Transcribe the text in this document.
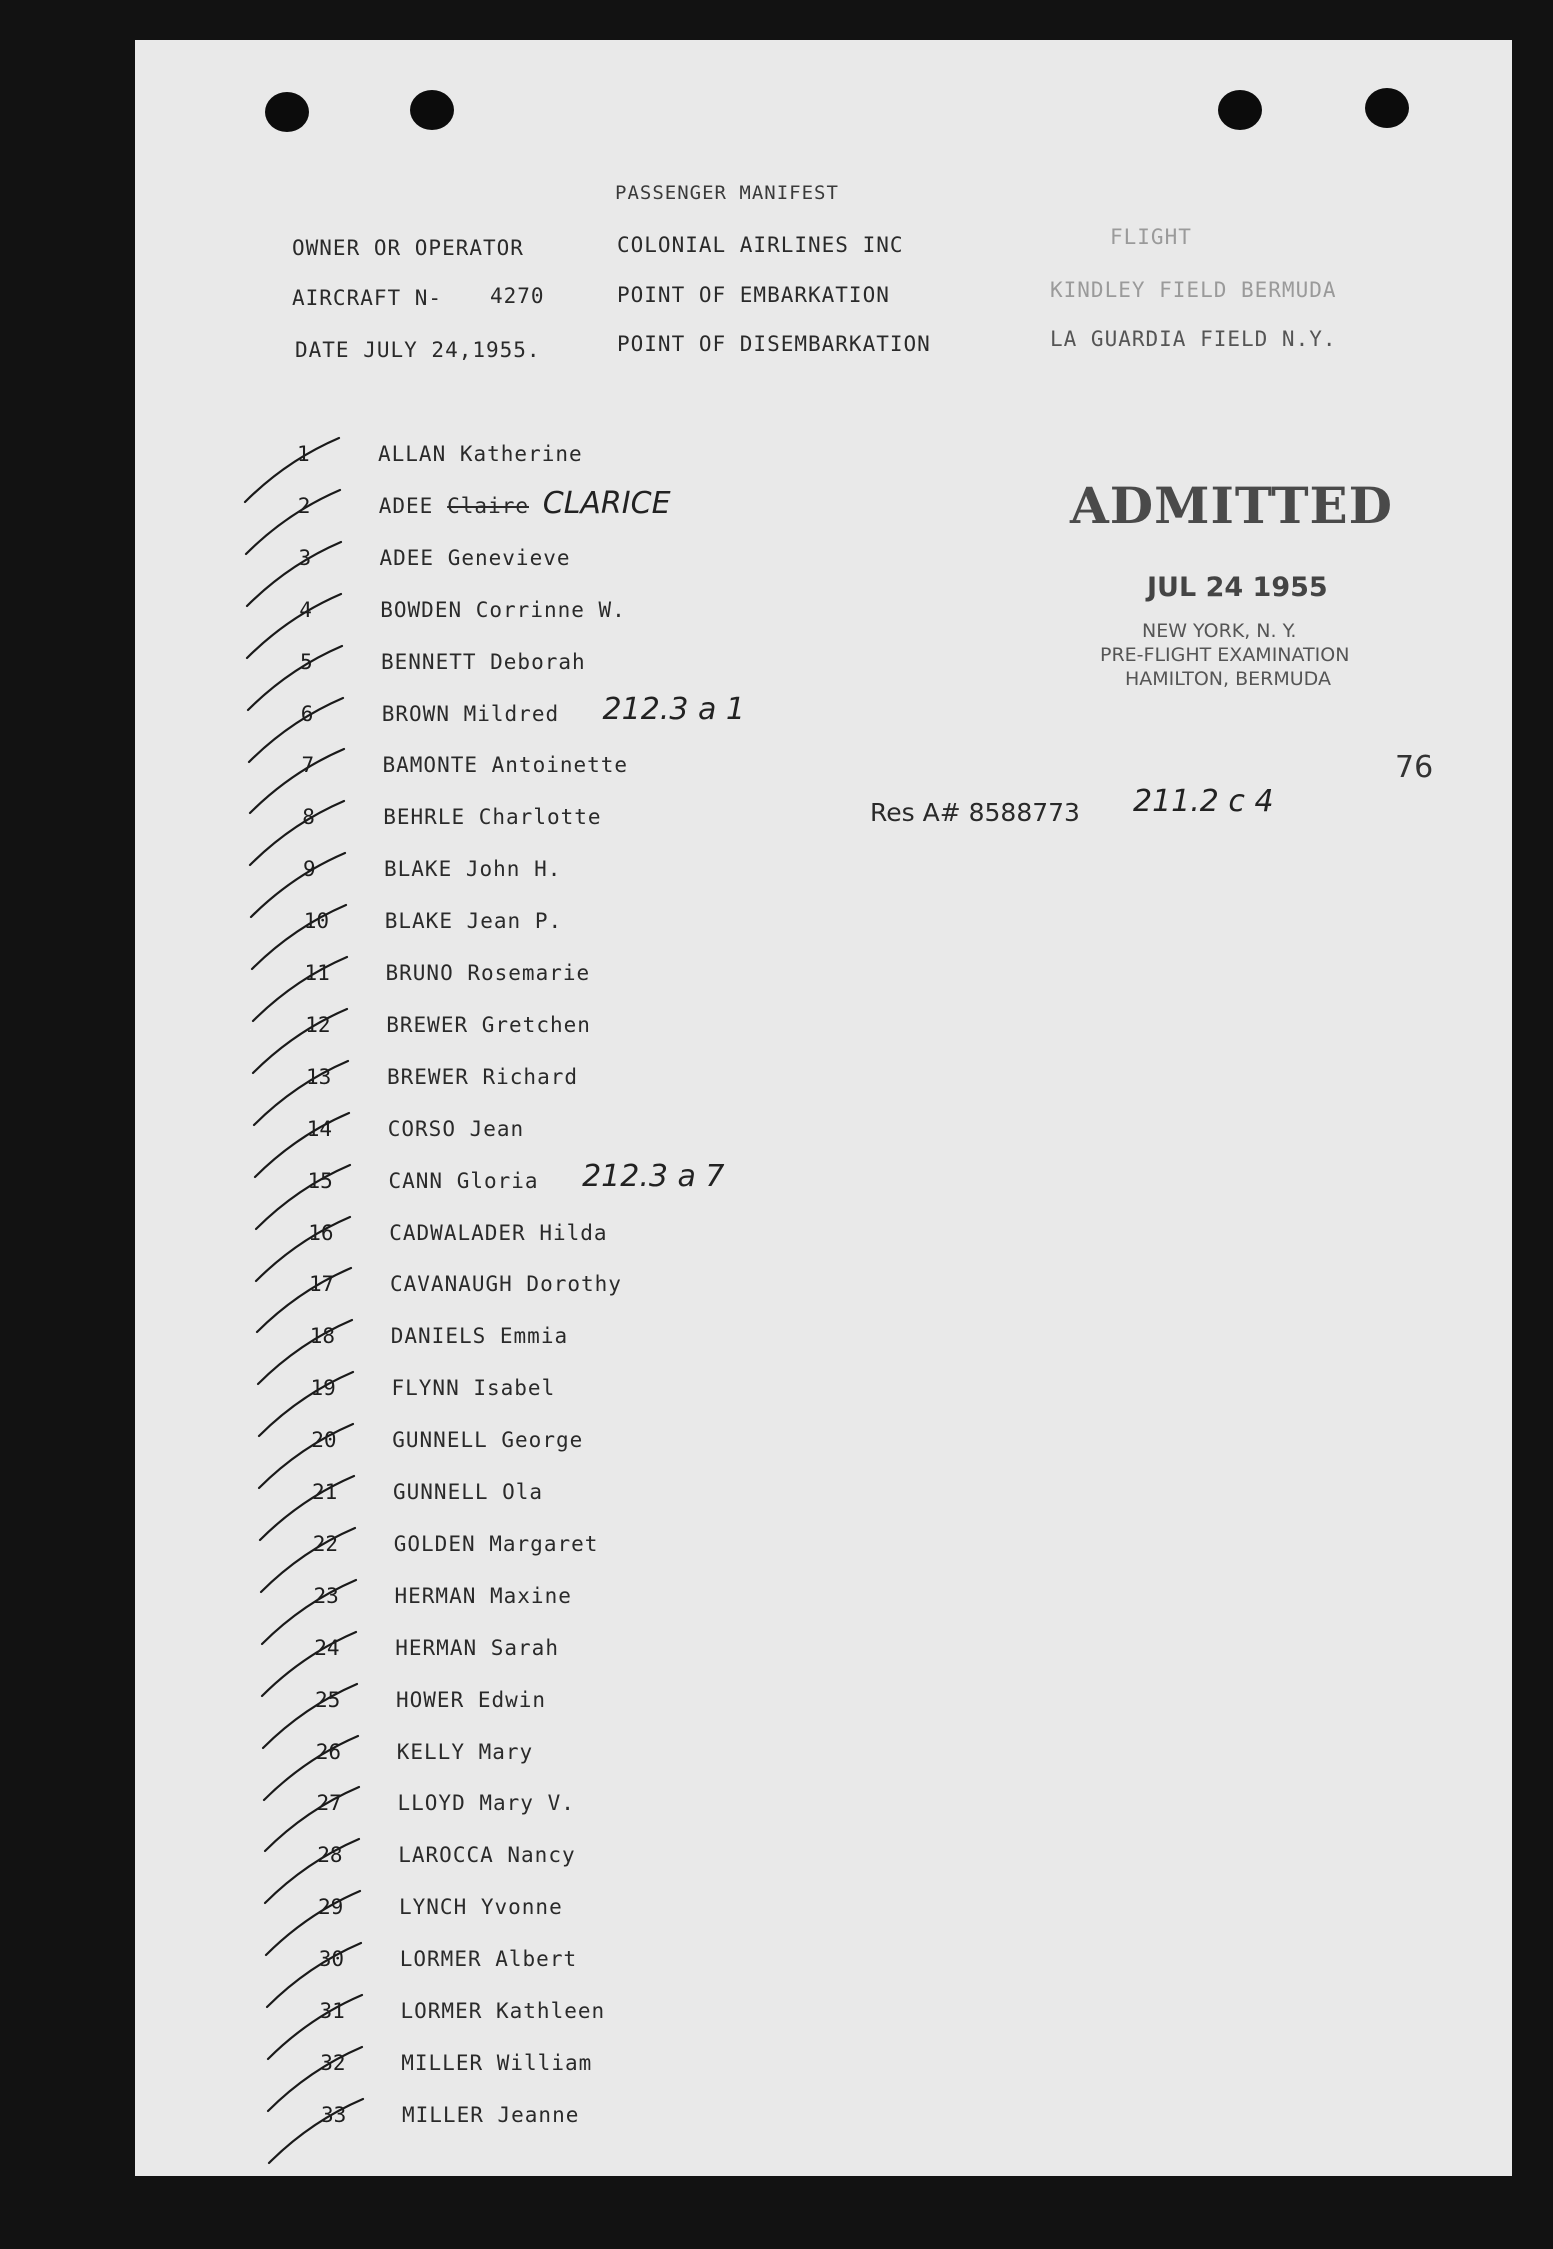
PASSENGER MANIFEST
OWNER OR OPERATOR	COLONIAL AIRLINES INC	FLIGHT
AIRCRAFT N- 4270	POINT OF EMBARKATION	KINDLEY FIELD BERMUDA
DATE JULY 24,1955.	POINT OF DISEMBARKATION	LA GUARDIA FIELD N.Y.
ADMITTED
JUL 24 1955
NEW YORK, N. Y.
PRE-FLIGHT EXAMINATION
HAMILTON, BERMUDA
76
Res A# 8588773 211.2 c 4
1	ALLAN Katherine
2	ADEE Claire CLARICE
3	ADEE Genevieve
4	BOWDEN Corrinne W.
5	BENNETT Deborah
6	BROWN Mildred 212.3 a 1
7	BAMONTE Antoinette
8	BEHRLE Charlotte
9	BLAKE John H.
10	BLAKE Jean P.
11	BRUNO Rosemarie
12	BREWER Gretchen
13	BREWER Richard
14	CORSO Jean
15	CANN Gloria 212.3 a 7
16	CADWALADER Hilda
17	CAVANAUGH Dorothy
18	DANIELS Emmia
19	FLYNN Isabel
20	GUNNELL George
21	GUNNELL Ola
22	GOLDEN Margaret
23	HERMAN Maxine
24	HERMAN Sarah
25	HOWER Edwin
26	KELLY Mary
27	LLOYD Mary V.
28	LAROCCA Nancy
29	LYNCH Yvonne
30	LORMER Albert
31	LORMER Kathleen
32	MILLER William
33	MILLER Jeanne
